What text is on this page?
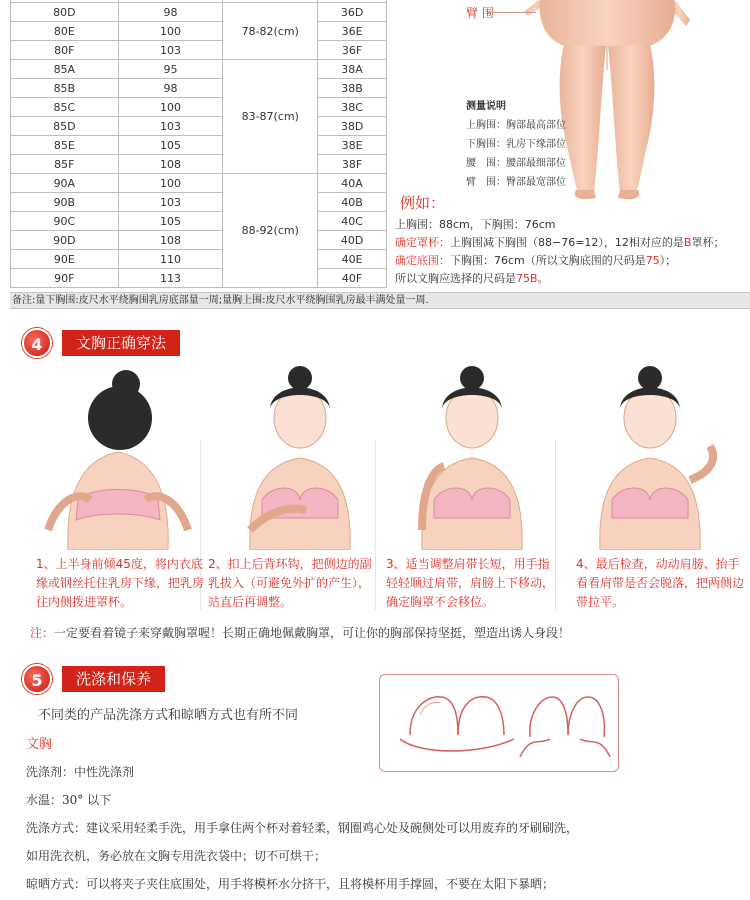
80D	98	78-82(cm)	36D
80E	100		36E
80F	103		36F
85A	95	83-87(cm)	38A
85B	98		38B
85C	100		38C
85D	103		38D
85E	105		38E
85F	108		38F
90A	100	88-92(cm)	40A
90B	103		40B
90C	105		40C
90D	108		40D
90E	110		40E
90F	113		40F
臂 围
测量说明
上胸围：胸部最高部位
下胸围：乳房下缘部位
腰　围：腰部最细部位
臂　围：臀部最宽部位
例如：
上胸围：88cm，下胸围：76cm
确定罩杯：上胸围减下胸围（88−76=12），12相对应的是B罩杯；
确定底围：下胸围：76cm（所以文胸底围的尺码是75）；
所以文胸应选择的尺码是75B。
备注:量下胸围:皮尺水平绕胸围乳房底部量一周;量胸上围:皮尺水平绕胸围乳房最丰满处量一周.
4	文胸正确穿法
1、上半身前倾45度，将内衣底缘或钢丝托住乳房下缘，把乳房往内侧拨进罩杯。
2、扣上后背环钩，把侧边的副乳拔入（可避免外扩的产生），站直后再调整。
3、适当调整肩带长短，用手指轻轻顺过肩带，肩膀上下移动，确定胸罩不会移位。
4、最后检查，动动肩膀、抬手看看肩带是否会脱落，把两侧边带拉平。
注：一定要看着镜子来穿戴胸罩喔！长期正确地佩戴胸罩，可让你的胸部保持坚挺，塑造出诱人身段！
5	洗涤和保养
不同类的产品洗涤方式和晾晒方式也有所不同
文胸
洗涤剂：中性洗涤剂
水温：30° 以下
洗涤方式：建议采用轻柔手洗，用手拿住两个杯对着轻柔，钢圈鸡心处及碗侧处可以用废弃的牙刷刷洗，
如用洗衣机，务必放在文胸专用洗衣袋中；切不可烘干；
晾晒方式：可以将夹子夹住底围处，用手将模杯水分挤干，且将模杯用手撑圆，不要在太阳下暴晒；
